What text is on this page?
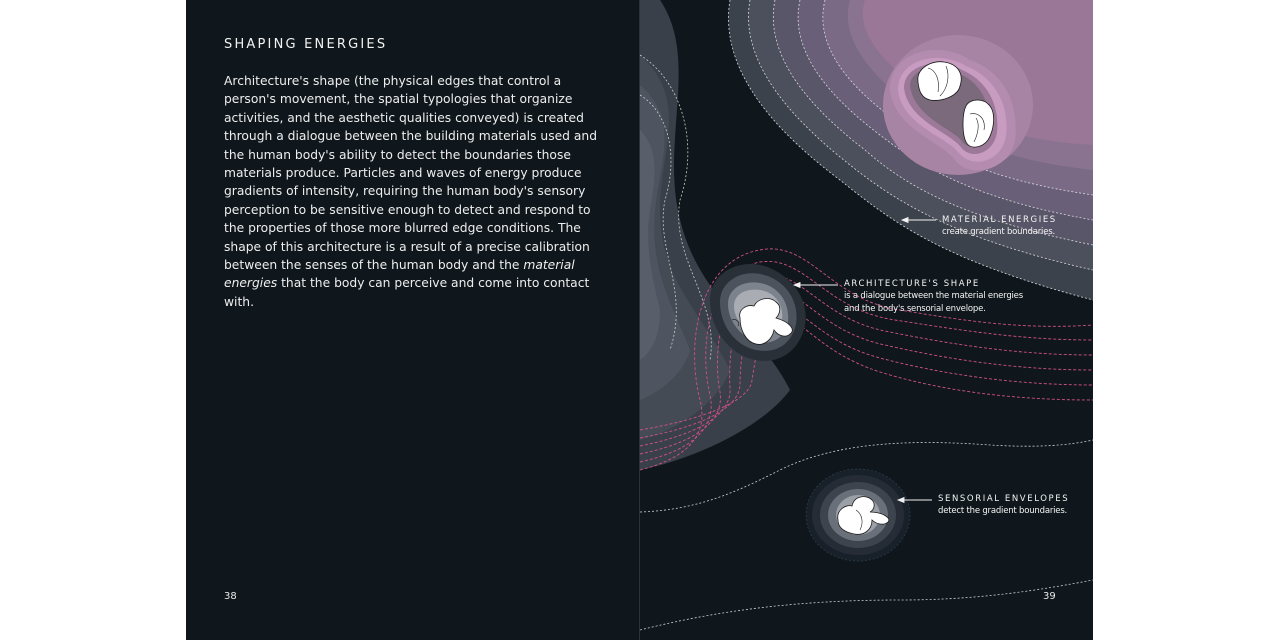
SHAPING ENERGIES

Architecture's shape (the physical edges that control a person's movement, the spatial typologies that organize activities, and the aesthetic qualities conveyed) is created through a dialogue between the building materials used and the human body's ability to detect the boundaries those materials produce. Particles and waves of energy produce gradients of intensity, requiring the human body's sensory perception to be sensitive enough to detect and respond to the properties of those more blurred edge conditions. The shape of this architecture is a result of a precise calibration between the senses of the human body and the material energies that the body can perceive and come into contact with.

38
MATERIAL ENERGIES
create gradient boundaries.
ARCHITECTURE'S SHAPE
is a dialogue between the material energies
and the body's sensorial envelope.
SENSORIAL ENVELOPES
detect the gradient boundaries.
39
